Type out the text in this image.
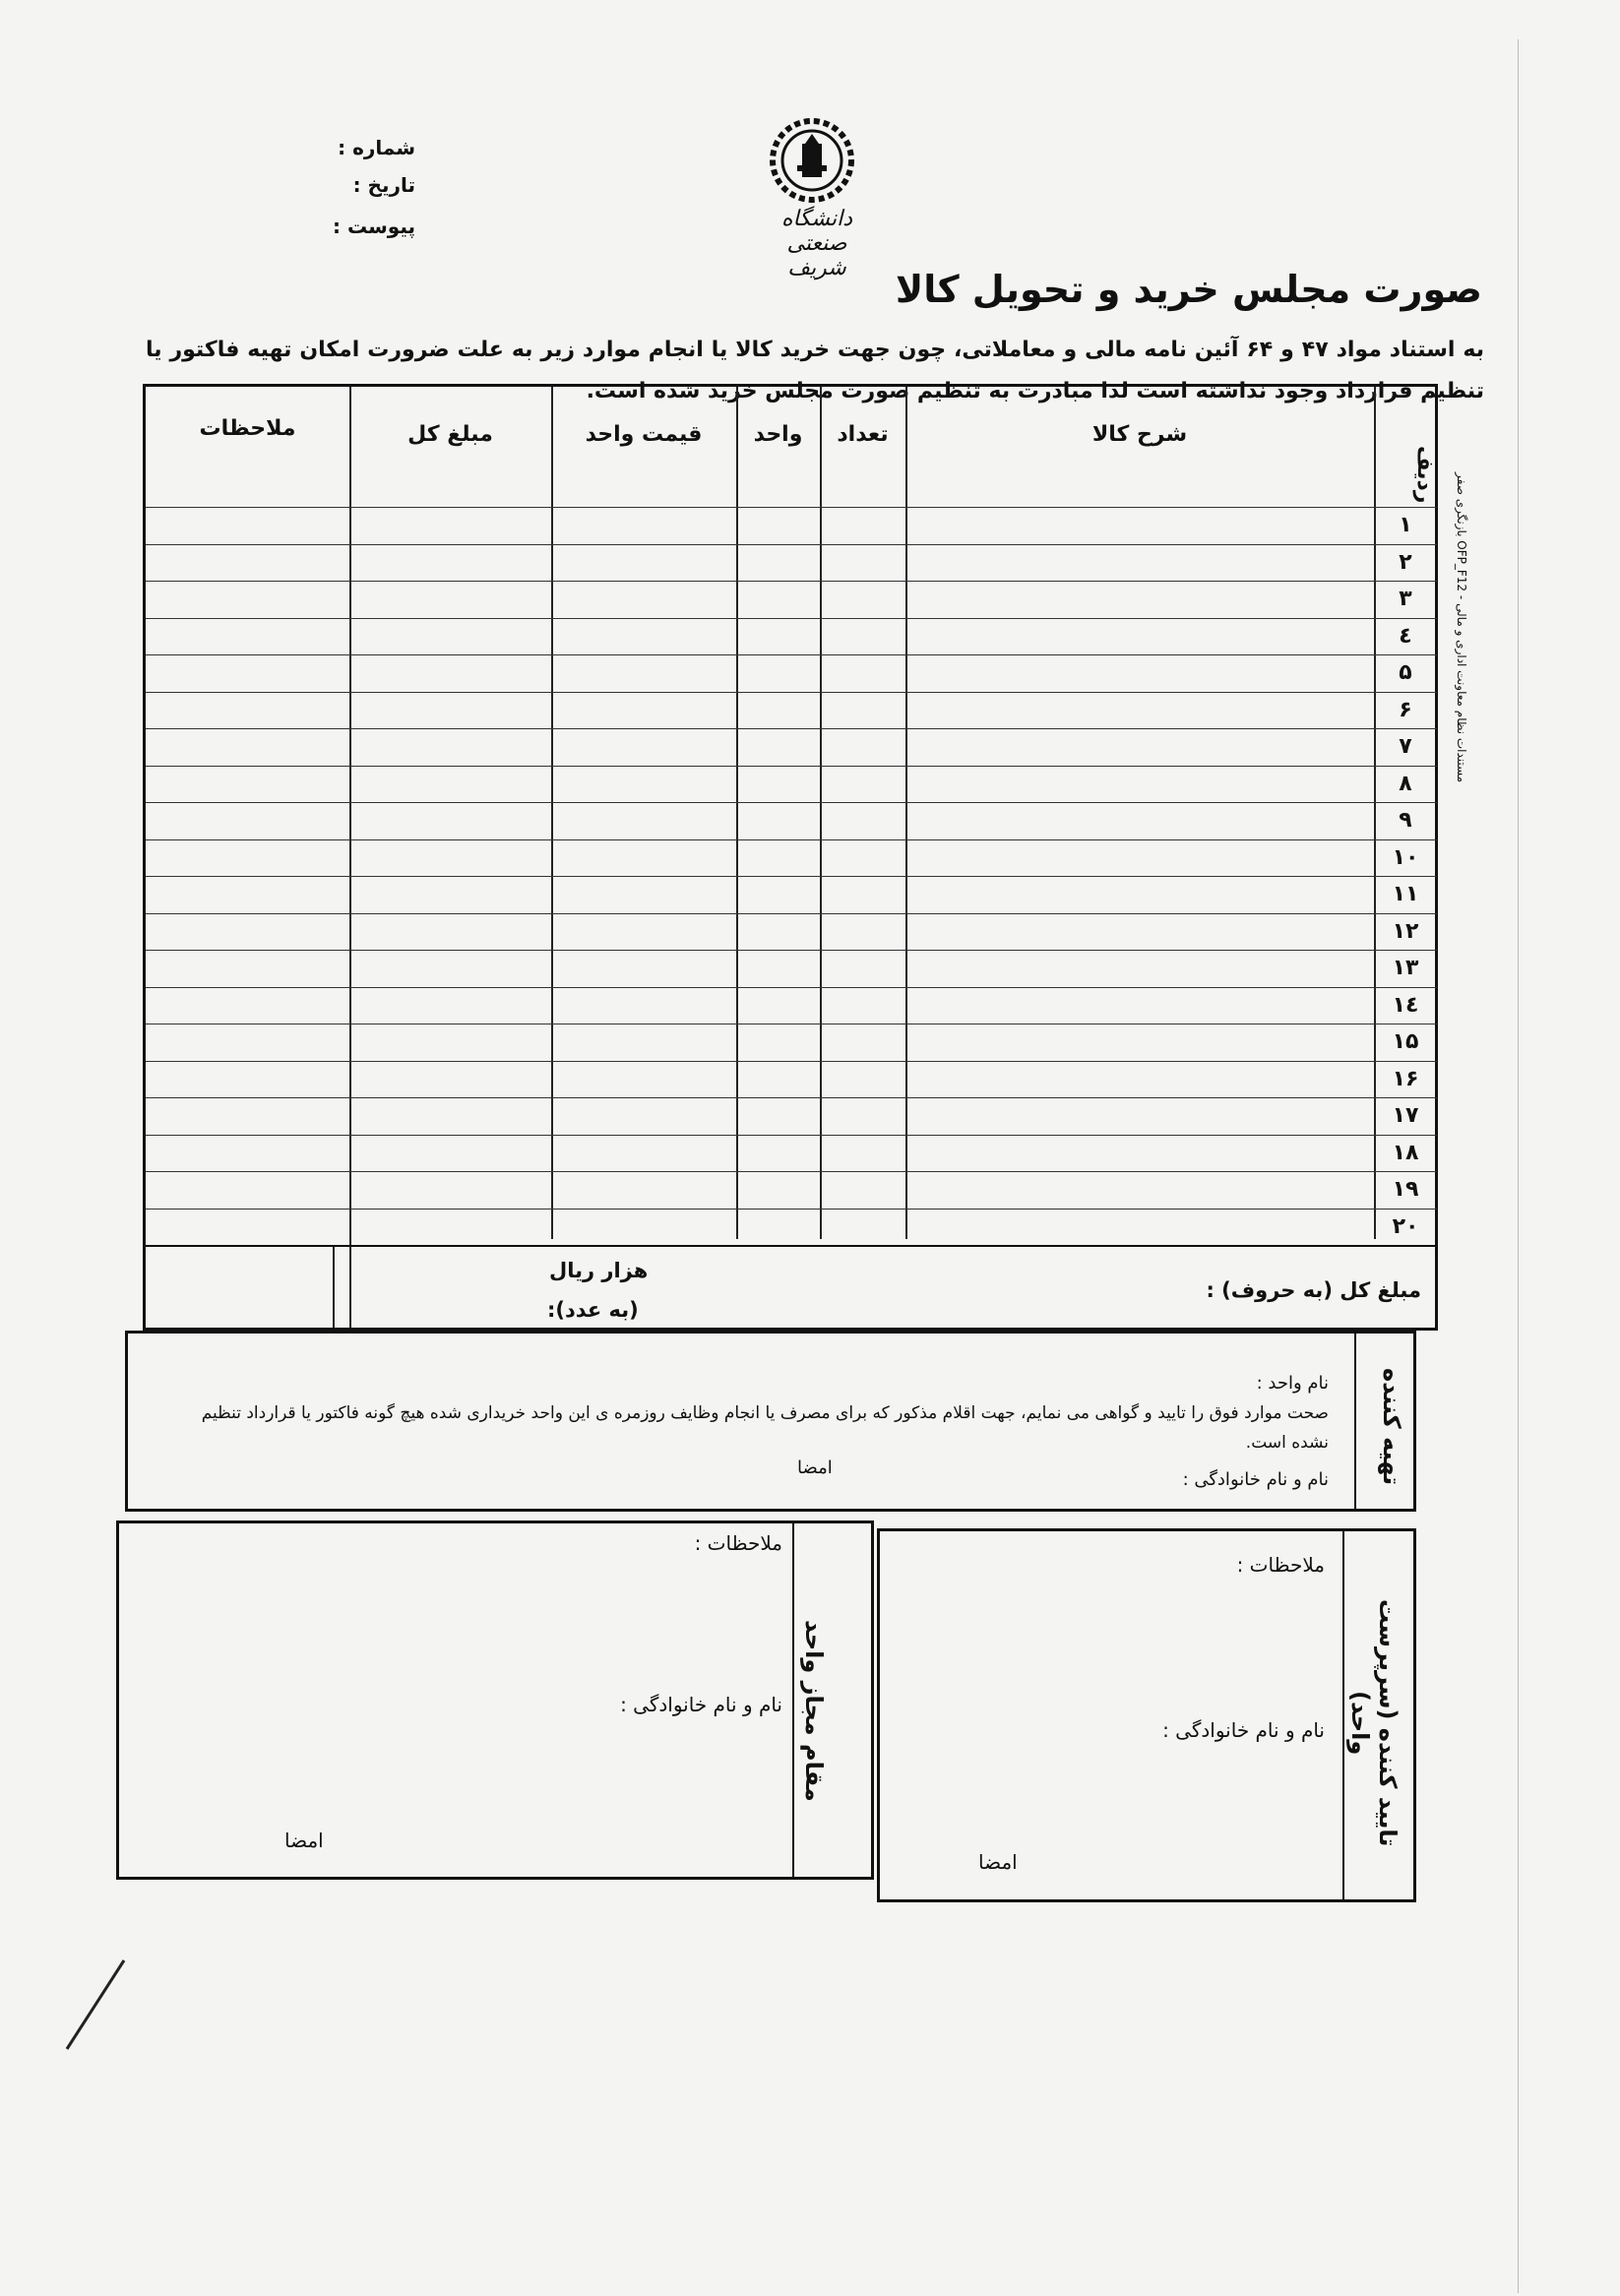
شماره :
تاریخ :
پیوست :	دانشگاه صنعتی شریف	صورت مجلس خرید و تحویل کالا
به استناد مواد ۴۷ و ۶۴ آئین نامه مالی و معاملاتی، چون جهت خرید کالا یا انجام موارد زیر به علت ضرورت امکان تهیه فاکتور یا تنظیم قرارداد وجود نداشته است لذا مبادرت به تنظیم صورت مجلس خرید شده است.
مستندات نظام معاونت اداری و مالی - OFP_F12 بازنگری صفر
ردیف
شرح کالا
تعداد
واحد
قیمت واحد
مبلغ کل
ملاحظات
مبلغ کل (به حروف) :
هزار ریال
(به عدد):
۱
۲
۳
٤
۵
۶
۷
۸
۹
۱۰
۱۱
۱۲
۱۳
۱٤
۱۵
۱۶
۱۷
۱۸
۱۹
۲۰
تهیه کننده
نام واحد :
صحت موارد فوق را تایید و گواهی می نمایم، جهت اقلام مذکور که برای مصرف یا انجام وظایف روزمره ی این واحد خریداری شده هیچ گونه فاکتور یا قرارداد تنظیم نشده است.
نام و نام خانوادگی :
امضا
تایید کننده (سرپرست واحد)
ملاحظات :
نام و نام خانوادگی :
امضا
مقام مجاز واحد
ملاحظات :
نام و نام خانوادگی :
امضا
